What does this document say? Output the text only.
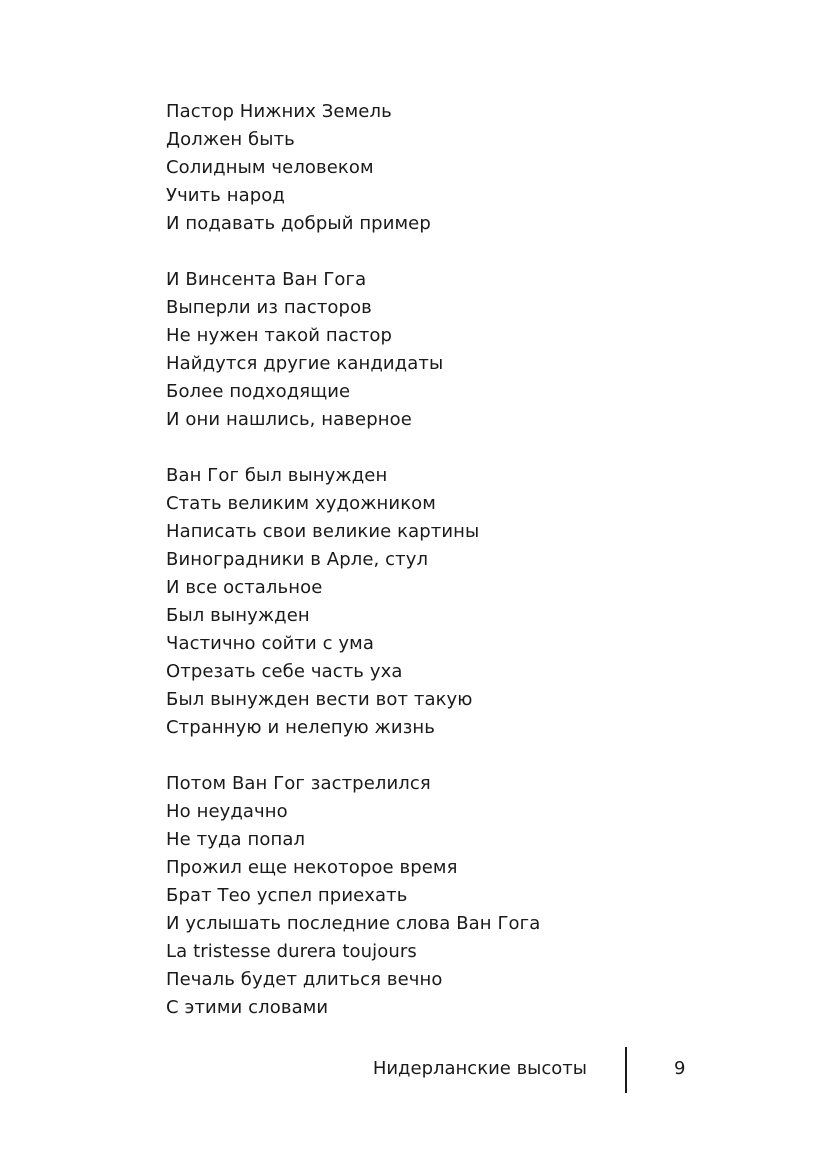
Пастор Нижних Земель
Должен быть
Солидным человеком
Учить народ
И подавать добрый пример
И Винсента Ван Гога
Выперли из пасторов
Не нужен такой пастор
Найдутся другие кандидаты
Более подходящие
И они нашлись, наверное
Ван Гог был вынужден
Стать великим художником
Написать свои великие картины
Виноградники в Арле, стул
И все остальное
Был вынужден
Частично сойти с ума
Отрезать себе часть уха
Был вынужден вести вот такую
Странную и нелепую жизнь
Потом Ван Гог застрелился
Но неудачно
Не туда попал
Прожил еще некоторое время
Брат Тео успел приехать
И услышать последние слова Ван Гога
La tristesse durera toujours
Печаль будет длиться вечно
С этими словами
Нидерланские высоты	9
